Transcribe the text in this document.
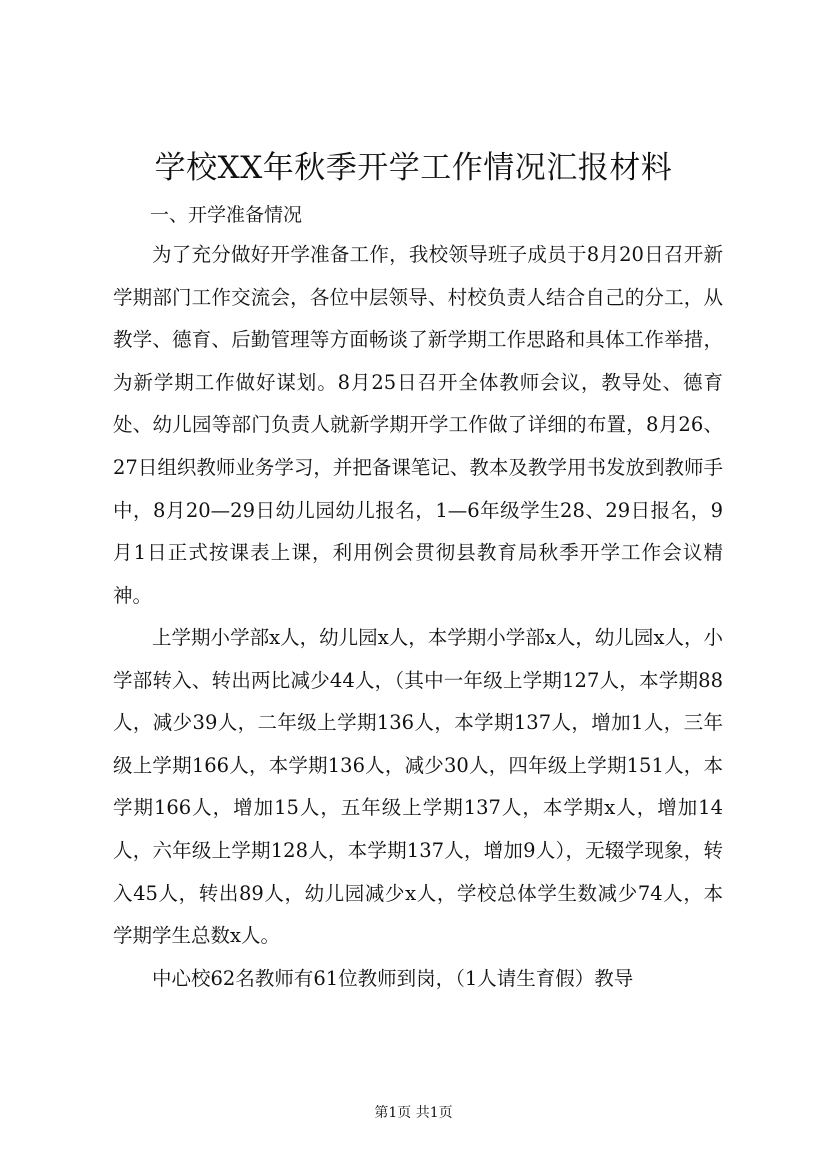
学校XX年秋季开学工作情况汇报材料
一、开学准备情况

为了充分做好开学准备工作，我校领导班子成员于8月20日召开新学期部门工作交流会，各位中层领导、村校负责人结合自己的分工，从教学、德育、后勤管理等方面畅谈了新学期工作思路和具体工作举措，为新学期工作做好谋划。8月25日召开全体教师会议，教导处、德育处、幼儿园等部门负责人就新学期开学工作做了详细的布置，8月26、27日组织教师业务学习，并把备课笔记、教本及教学用书发放到教师手中，8月20—29日幼儿园幼儿报名，1—6年级学生28、29日报名，9月1日正式按课表上课，利用例会贯彻县教育局秋季开学工作会议精神。

上学期小学部x人，幼儿园x人，本学期小学部x人，幼儿园x人，小学部转入、转出两比减少44人，（其中一年级上学期127人，本学期88人，减少39人，二年级上学期136人，本学期137人，增加1人，三年级上学期166人，本学期136人，减少30人，四年级上学期151人，本学期166人，增加15人，五年级上学期137人，本学期x人，增加14人，六年级上学期128人，本学期137人，增加9人），无辍学现象，转入45人，转出89人，幼儿园减少x人，学校总体学生数减少74人，本学期学生总数x人。

中心校62名教师有61位教师到岗，（1人请生育假）教导

第1页 共1页
